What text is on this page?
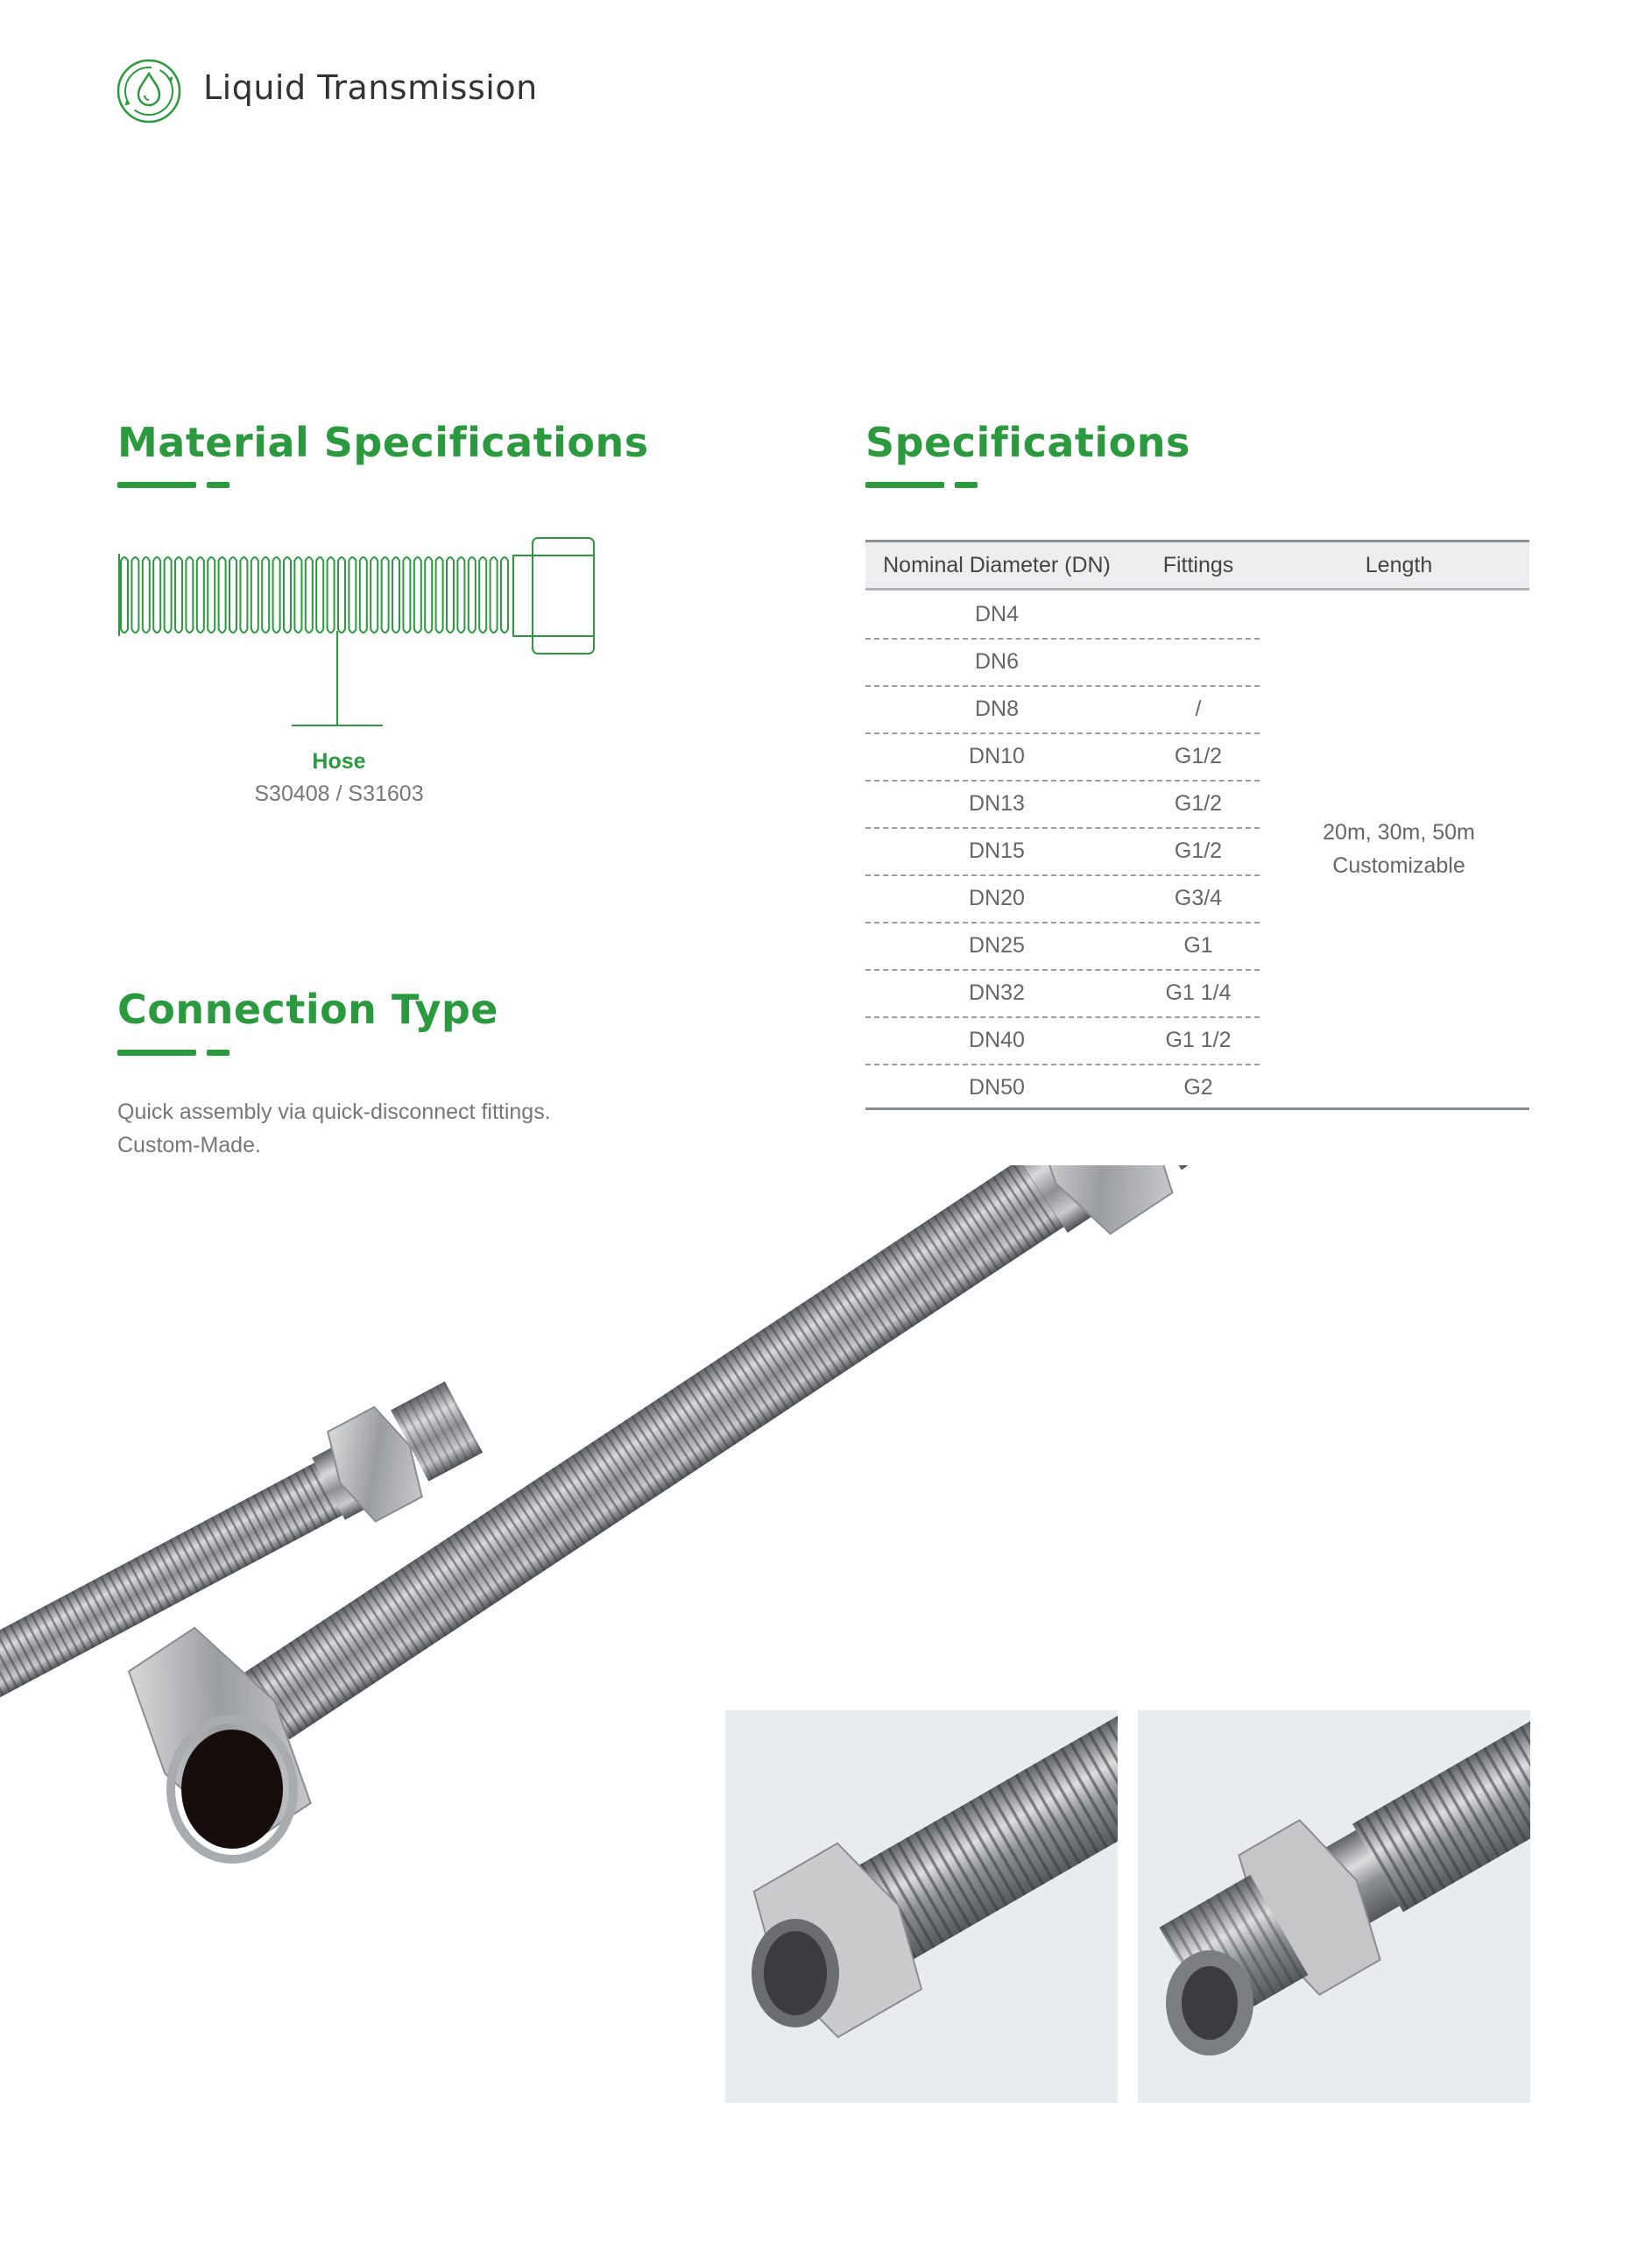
Liquid Transmission
Material Specifications
Hose
S30408 / S31603
Connection Type
Quick assembly via quick-disconnect fittings.
Custom-Made.
Specifications
Nominal Diameter (DN)	Fittings	Length
20m, 30m, 50m
Customizable
DN4
DN6
DN8	/
DN10	G1/2
DN13	G1/2
DN15	G1/2
DN20	G3/4
DN25	G1
DN32	G1 1/4
DN40	G1 1/2
DN50	G2
